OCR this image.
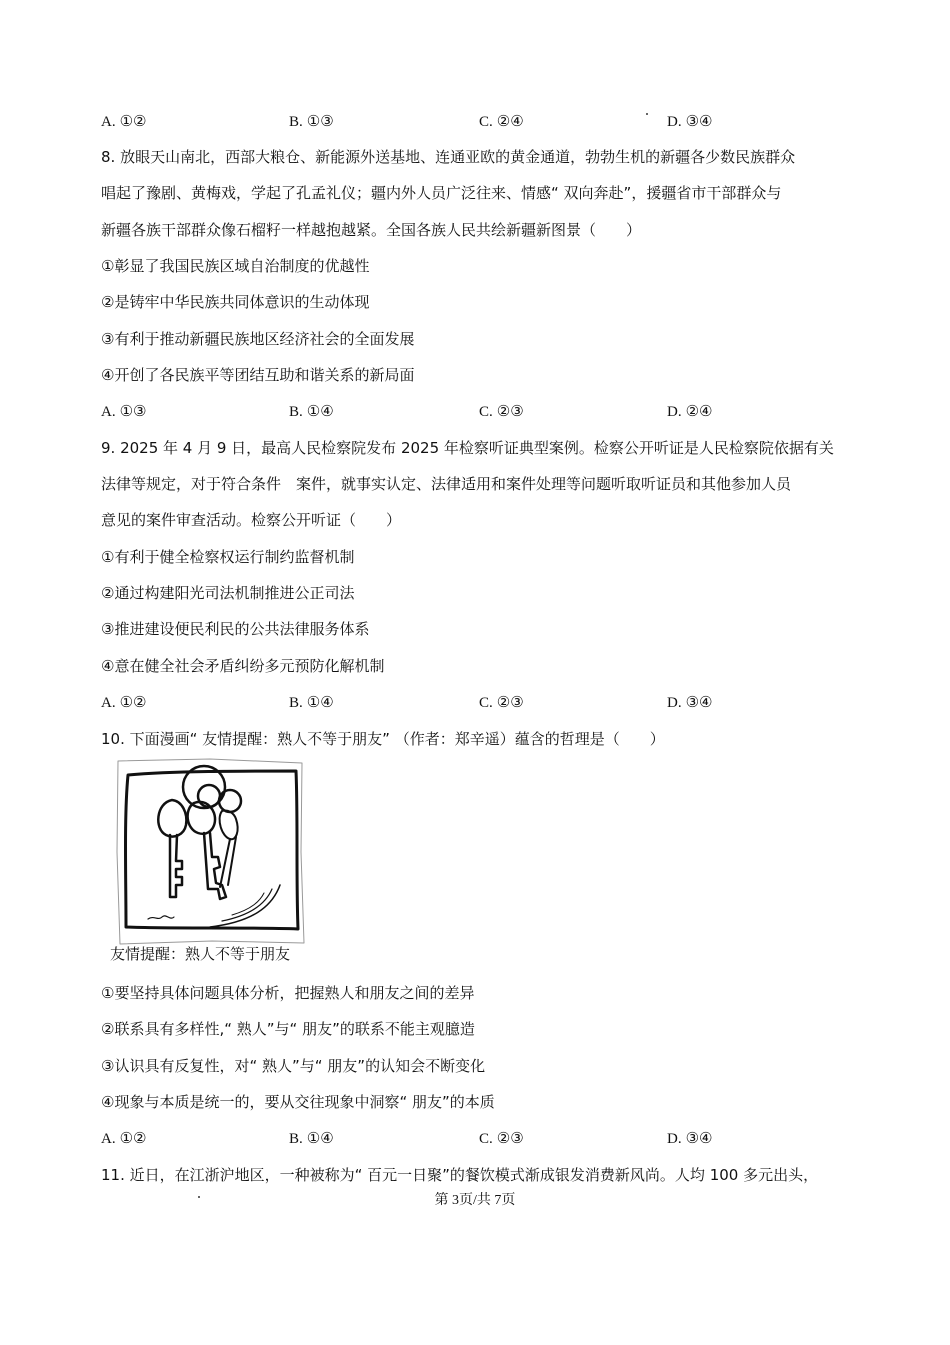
A. ①②	B. ①③	C. ②④	D. ③④
8. 放眼天山南北，西部大粮仓、新能源外送基地、连通亚欧的黄金通道，勃勃生机的新疆各少数民族群众
唱起了豫剧、黄梅戏，学起了孔孟礼仪；疆内外人员广泛往来、情感“ 双向奔赴”，援疆省市干部群众与
新疆各族干部群众像石榴籽一样越抱越紧。全国各族人民共绘新疆新图景（　　）
①彰显了我国民族区域自治制度的优越性
②是铸牢中华民族共同体意识的生动体现
③有利于推动新疆民族地区经济社会的全面发展
④开创了各民族平等团结互助和谐关系的新局面
A. ①③	B. ①④	C. ②③	D. ②④
9. 2025 年 4 月 9 日，最高人民检察院发布 2025 年检察听证典型案例。检察公开听证是人民检察院依据有关
法律等规定，对于符合条件　案件，就事实认定、法律适用和案件处理等问题听取听证员和其他参加人员
意见的案件审查活动。检察公开听证（　　）
①有利于健全检察权运行制约监督机制
②通过构建阳光司法机制推进公正司法
③推进建设便民利民的公共法律服务体系
④意在健全社会矛盾纠纷多元预防化解机制
A. ①②	B. ①④	C. ②③	D. ③④
10. 下面漫画“ 友情提醒：熟人不等于朋友” （作者：郑辛遥）蕴含的哲理是（　　）
友情提醒：熟人不等于朋友
①要坚持具体问题具体分析，把握熟人和朋友之间的差异
②联系具有多样性,“ 熟人”与“ 朋友”的联系不能主观臆造
③认识具有反复性，对“ 熟人”与“ 朋友”的认知会不断变化
④现象与本质是统一的，要从交往现象中洞察“ 朋友”的本质
A. ①②	B. ①④	C. ②③	D. ③④
11. 近日，在江浙沪地区，一种被称为“ 百元一日聚”的餐饮模式渐成银发消费新风尚。人均 100 多元出头，
第 3页/共 7页
